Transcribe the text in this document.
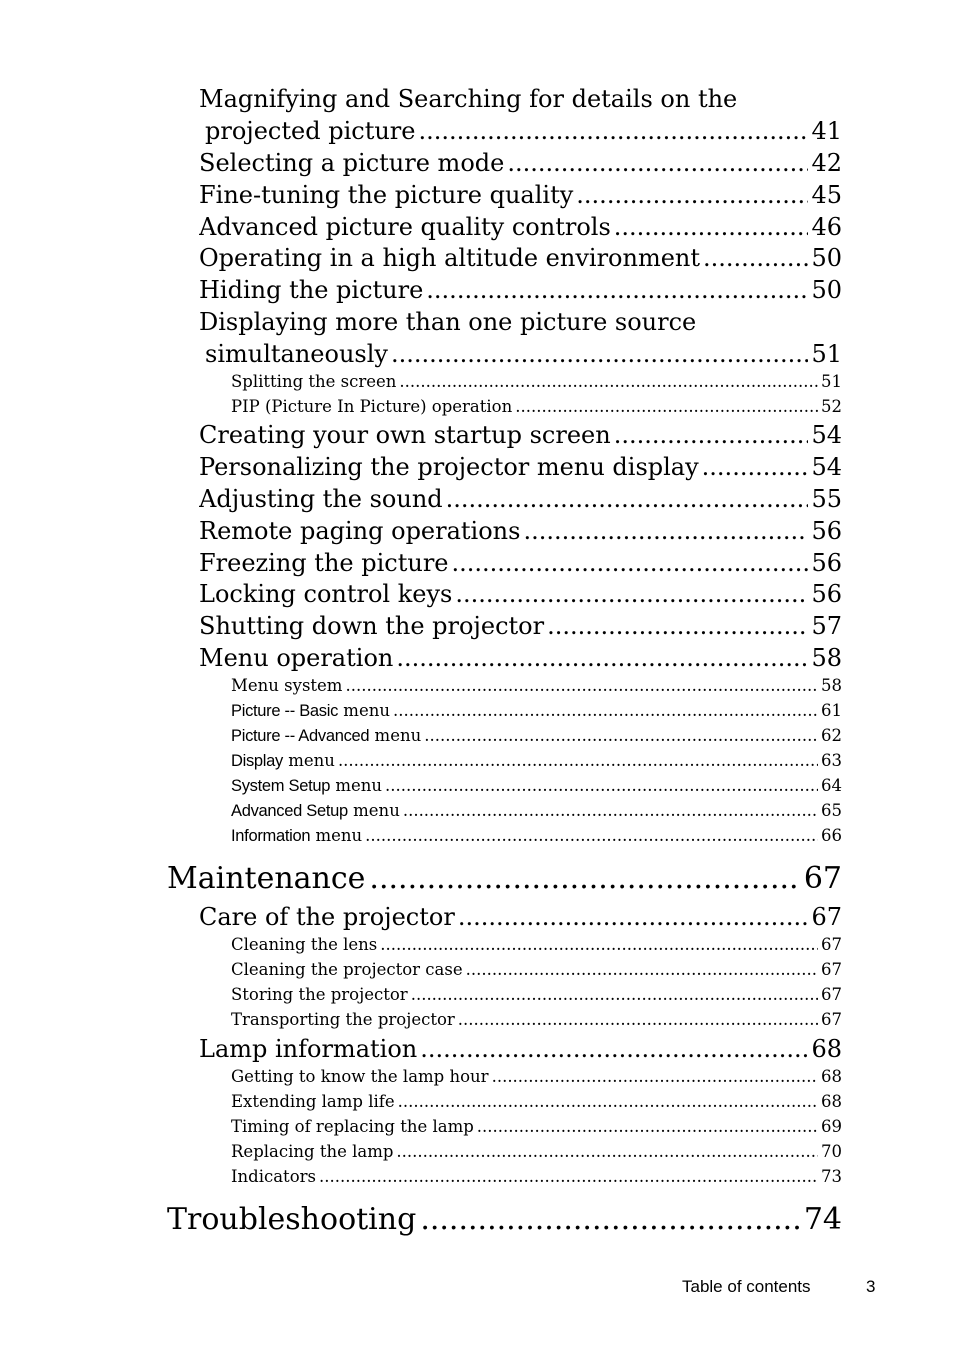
Magnifying and Searching for details on the
projected picture .....	41
Selecting a picture mode .....	42
Fine-tuning the picture quality .....	45
Advanced picture quality controls .....	46
Operating in a high altitude environment .....	50
Hiding the picture .....	50
Displaying more than one picture source
simultaneously .....	51
Splitting the screen .....	51
PIP (Picture In Picture) operation .....	52
Creating your own startup screen .....	54
Personalizing the projector menu display .....	54
Adjusting the sound .....	55
Remote paging operations .....	56
Freezing the picture .....	56
Locking control keys .....	56
Shutting down the projector .....	57
Menu operation .....	58
Menu system .....	58
Picture -- Basic menu .....	61
Picture -- Advanced menu .....	62
Display menu .....	63
System Setup menu .....	64
Advanced Setup menu .....	65
Information menu .....	66
Maintenance .....	67
Care of the projector .....	67
Cleaning the lens .....	67
Cleaning the projector case .....	67
Storing the projector .....	67
Transporting the projector .....	67
Lamp information .....	68
Getting to know the lamp hour .....	68
Extending lamp life .....	68
Timing of replacing the lamp .....	69
Replacing the lamp .....	70
Indicators .....	73
Troubleshooting .....	74
Table of contents	3
